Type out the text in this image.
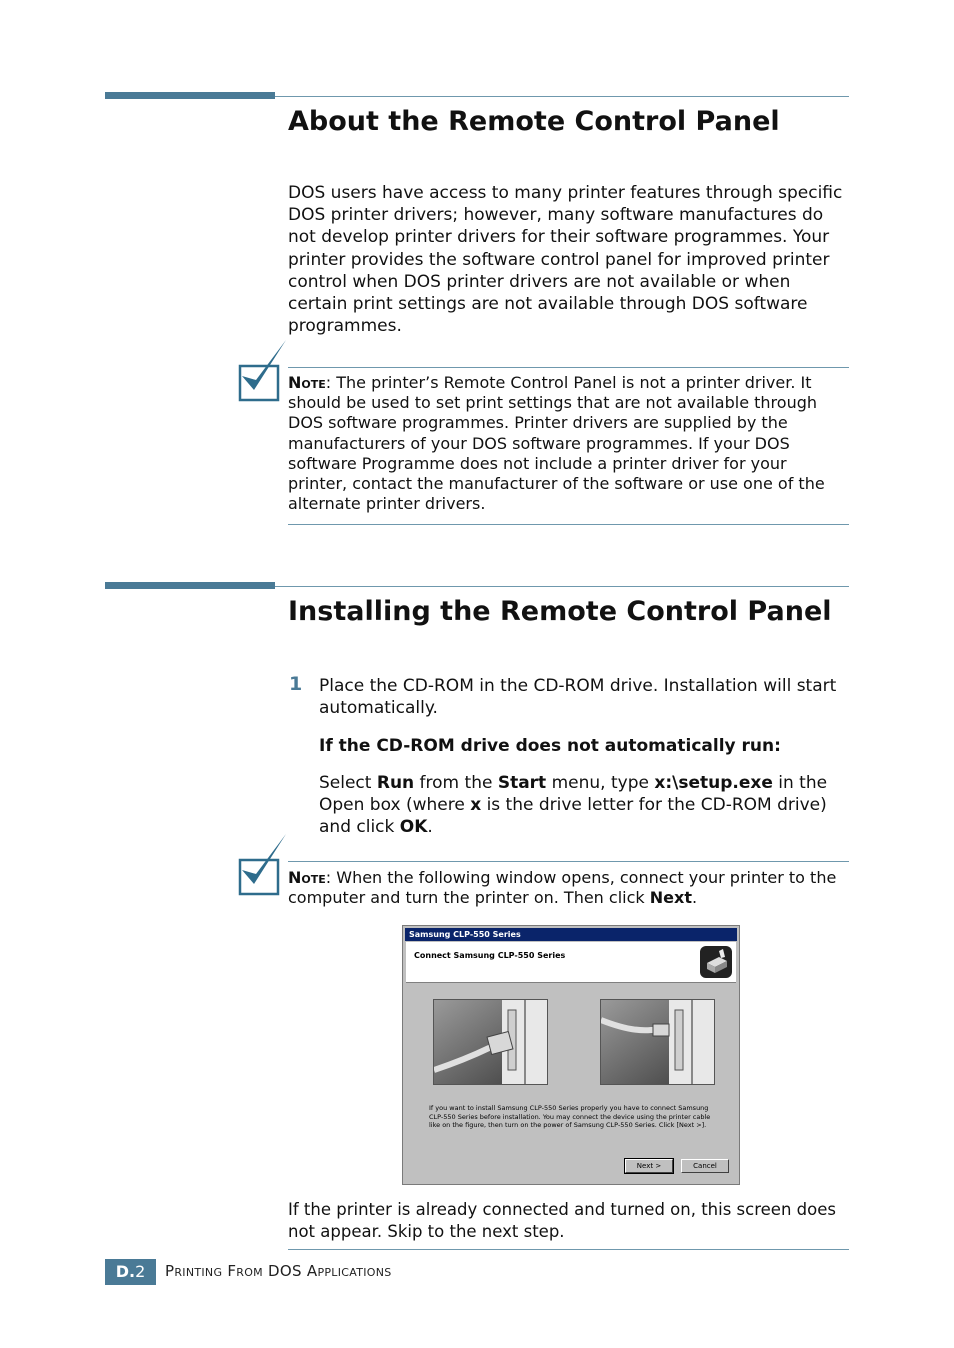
About the Remote Control Panel
DOS users have access to many printer features through specific DOS printer drivers; however, many software manufactures do not develop printer drivers for their software programmes. Your printer provides the software control panel for improved printer control when DOS printer drivers are not available or when certain print settings are not available through DOS software programmes.
Note: The printer’s Remote Control Panel is not a printer driver. It should be used to set print settings that are not available through DOS software programmes. Printer drivers are supplied by the manufacturers of your DOS software programmes. If your DOS software Programme does not include a printer driver for your printer, contact the manufacturer of the software or use one of the alternate printer drivers.
Installing the Remote Control Panel
1 Place the CD-ROM in the CD-ROM drive. Installation will start automatically.
If the CD-ROM drive does not automatically run:
Select Run from the Start menu, type x:\setup.exe in the Open box (where x is the drive letter for the CD-ROM drive) and click OK.
Note: When the following window opens, connect your printer to the computer and turn the printer on. Then click Next.
Samsung CLP-550 Series
Connect Samsung CLP-550 Series
If you want to install Samsung CLP-550 Series properly you have to connect Samsung CLP-550 Series before installation. You may connect the device using the printer cable like on the figure, then turn on the power of Samsung CLP-550 Series. Click [Next >].
Next >	Cancel
If the printer is already connected and turned on, this screen does not appear. Skip to the next step.
D.2	Printing From DOS Applications
